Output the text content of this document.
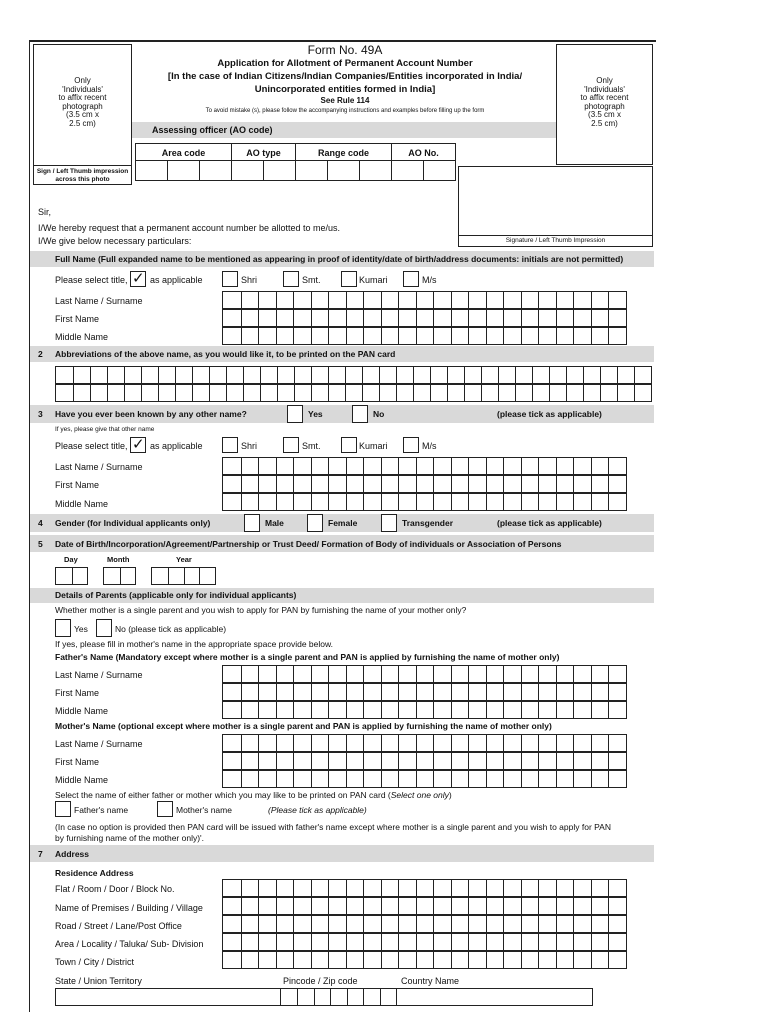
Only
'Individuals'
to affix recent
photograph
(3.5 cm x
2.5 cm)
Sign / Left Thumb impression
across this photo
Only
'Individuals'
to affix recent
photograph
(3.5 cm x
2.5 cm)
Form No. 49A
Application for Allotment of Permanent Account Number
[In the case of Indian Citizens/Indian Companies/Entities incorporated in India/
Unincorporated entities formed in India]
See Rule 114
To avoid mistake (s), please follow the accompanying instructions and examples before filling up the form
Assessing officer (AO code)
Area code	AO type	Range code	AO No.
Signature / Left Thumb Impression
Sir,
I/We hereby request that a permanent account number be allotted to me/us.
I/We give below necessary particulars:
Full Name (Full expanded name to be mentioned as appearing in proof of identity/date of birth/address documents: initials are not permitted)
Please select title, ✓ as applicable	Shri	Smt.	Kumari	M/s
Last Name / Surname
First Name
Middle Name
2 Abbreviations of the above name, as you would like it, to be printed on the PAN card
3 Have you ever been known by any other name?	Yes	No	(please tick as applicable)
If yes, please give that other name
Please select title, ✓ as applicable	Shri	Smt.	Kumari	M/s
Last Name / Surname
First Name
Middle Name
4 Gender (for Individual applicants only)	Male	Female	Transgender	(please tick as applicable)
5 Date of Birth/Incorporation/Agreement/Partnership or Trust Deed/ Formation of Body of individuals or Association of Persons
Day	Month	Year
Details of Parents (applicable only for individual applicants)
Whether mother is a single parent and you wish to apply for PAN by furnishing the name of your mother only?
Yes	No (please tick as applicable)
If yes, please fill in mother's name in the appropriate space provide below.
Father's Name (Mandatory except where mother is a single parent and PAN is applied by furnishing the name of mother only)
Last Name / Surname
First Name
Middle Name
Mother's Name (optional except where mother is a single parent and PAN is applied by furnishing the name of mother only)
Last Name / Surname
First Name
Middle Name
Select the name of either father or mother which you may like to be printed on PAN card (Select one only)
Father's name	Mother's name	(Please tick as applicable)
(In case no option is provided then PAN card will be issued with father's name except where mother is a single parent and you wish to apply for PAN
by furnishing name of the mother only)'.
7 Address
Residence Address
Flat / Room / Door / Block No.
Name of Premises / Building / Village
Road / Street / Lane/Post Office
Area / Locality / Taluka/ Sub- Division
Town / City / District
State / Union Territory	Pincode / Zip code	Country Name
